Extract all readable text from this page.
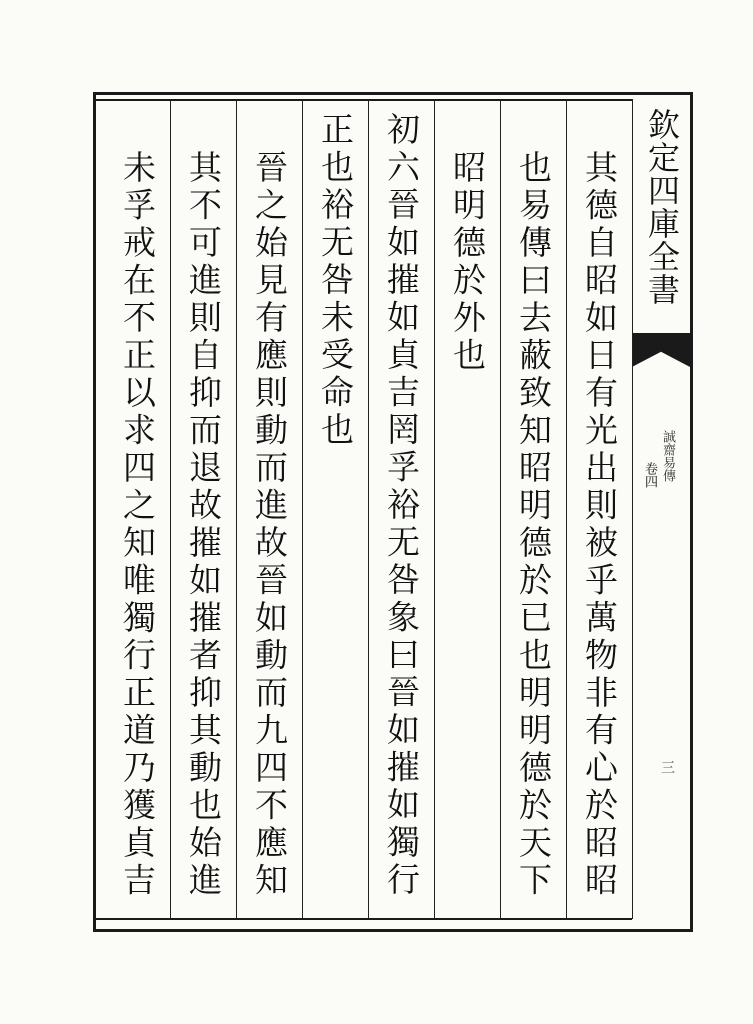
欽定四庫全書
誠齋易傳
卷四
三
其德自昭如日有光出則被乎萬物非有心於昭昭
也易傳曰去蔽致知昭明德於已也明明德於天下
昭明德於外也
初六晉如摧如貞吉罔孚裕无咎象曰晉如摧如獨行
正也裕无咎未受命也
晉之始見有應則動而進故晉如動而九四不應知
其不可進則自抑而退故摧如摧者抑其動也始進
未孚戒在不正以求四之知唯獨行正道乃獲貞吉
